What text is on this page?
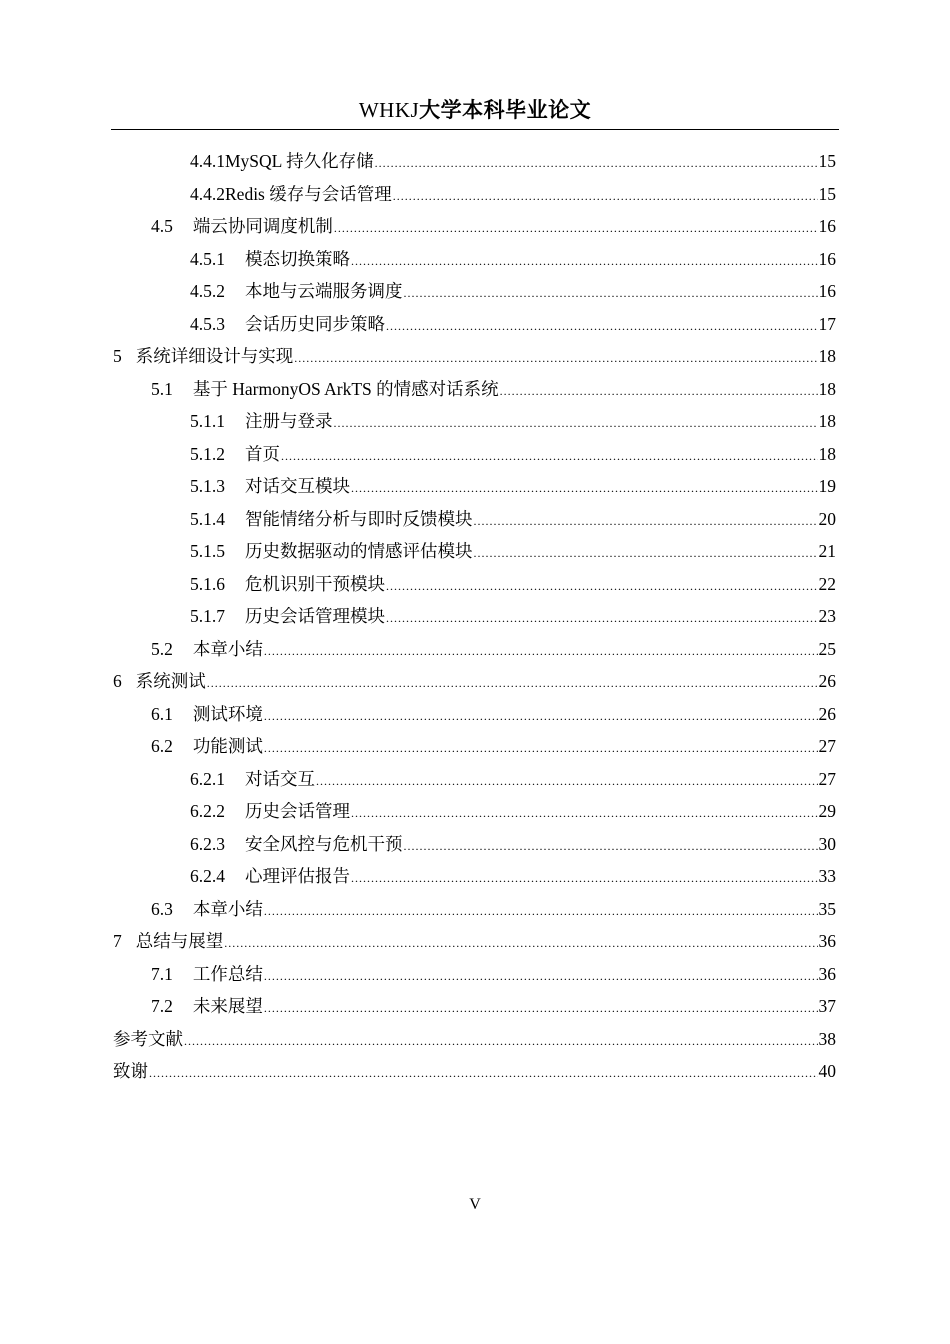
WHKJ大学本科毕业论文
4.4.1 MySQL 持久化存储 .....	15
4.4.2 Redis 缓存与会话管理 .....	15
4.5 端云协同调度机制 .....	16
4.5.1 模态切换策略 .....	16
4.5.2 本地与云端服务调度 .....	16
4.5.3 会话历史同步策略 .....	17
5 系统详细设计与实现 .....	18
5.1 基于 HarmonyOS ArkTS 的情感对话系统 .....	18
5.1.1 注册与登录 .....	18
5.1.2 首页 .....	18
5.1.3 对话交互模块 .....	19
5.1.4 智能情绪分析与即时反馈模块 .....	20
5.1.5 历史数据驱动的情感评估模块 .....	21
5.1.6 危机识别干预模块 .....	22
5.1.7 历史会话管理模块 .....	23
5.2 本章小结 .....	25
6 系统测试 .....	26
6.1 测试环境 .....	26
6.2 功能测试 .....	27
6.2.1 对话交互 .....	27
6.2.2 历史会话管理 .....	29
6.2.3 安全风控与危机干预 .....	30
6.2.4 心理评估报告 .....	33
6.3 本章小结 .....	35
7 总结与展望 .....	36
7.1 工作总结 .....	36
7.2 未来展望 .....	37
参考文献 .....	38
致谢 .....	40
V
